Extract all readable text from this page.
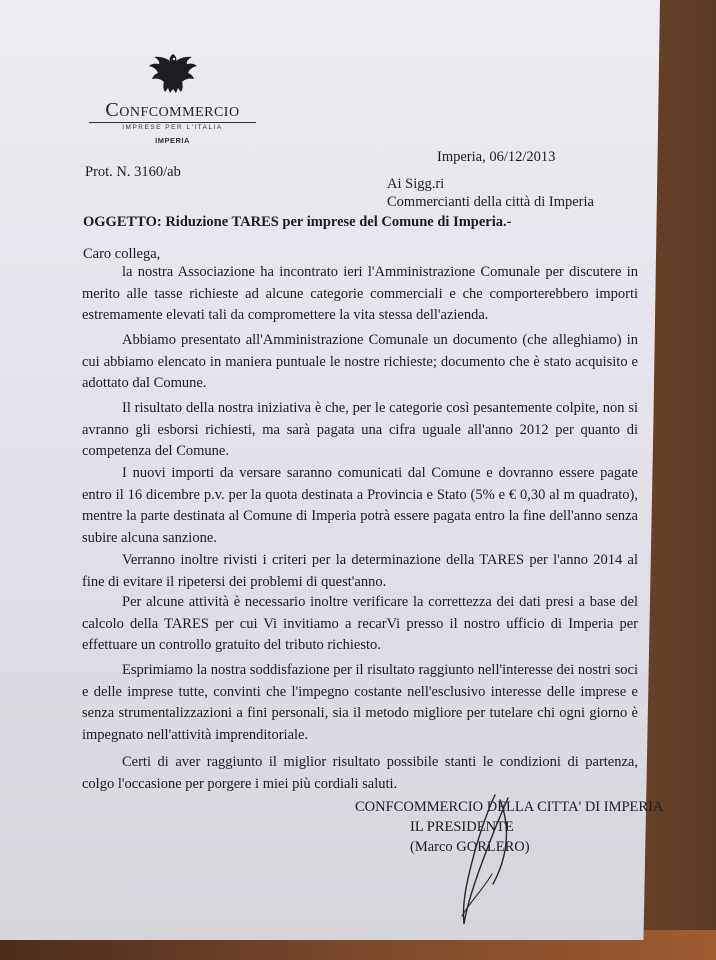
Confcommercio
IMPRESE PER L'ITALIA
IMPERIA
Prot. N. 3160/ab
Imperia, 06/12/2013
Ai Sigg.ri
Commercianti della città di Imperia
OGGETTO: Riduzione TARES per imprese del Comune di Imperia.-
Caro collega,
la nostra Associazione ha incontrato ieri l'Amministrazione Comunale per discutere in merito alle tasse richieste ad alcune categorie commerciali e che comporterebbero importi estremamente elevati tali da compromettere la vita stessa dell'azienda.
Abbiamo presentato all'Amministrazione Comunale un documento (che alleghiamo) in cui abbiamo elencato in maniera puntuale le nostre richieste; documento che è stato acquisito e adottato dal Comune.
Il risultato della nostra iniziativa è che, per le categorie così pesantemente colpite, non si avranno gli esborsi richiesti, ma sarà pagata una cifra uguale all'anno 2012 per quanto di competenza del Comune.
I nuovi importi da versare saranno comunicati dal Comune e dovranno essere pagate entro il 16 dicembre p.v. per la quota destinata a Provincia e Stato (5% e € 0,30 al m quadrato), mentre la parte destinata al Comune di Imperia potrà essere pagata entro la fine dell'anno senza subire alcuna sanzione.
Verranno inoltre rivisti i criteri per la determinazione della TARES per l'anno 2014 al fine di evitare il ripetersi dei problemi di quest'anno.
Per alcune attività è necessario inoltre verificare la correttezza dei dati presi a base del calcolo della TARES per cui Vi invitiamo a recarVi presso il nostro ufficio di Imperia per effettuare un controllo gratuito del tributo richiesto.
Esprimiamo la nostra soddisfazione per il risultato raggiunto nell'interesse dei nostri soci e delle imprese tutte, convinti che l'impegno costante nell'esclusivo interesse delle imprese e senza strumentalizzazioni a fini personali, sia il metodo migliore per tutelare chi ogni giorno è impegnato nell'attività imprenditoriale.
Certi di aver raggiunto il miglior risultato possibile stanti le condizioni di partenza, colgo l'occasione per porgere i miei più cordiali saluti.
CONFCOMMERCIO DELLA CITTA' DI IMPERIA
IL PRESIDENTE
(Marco GORLERO)
